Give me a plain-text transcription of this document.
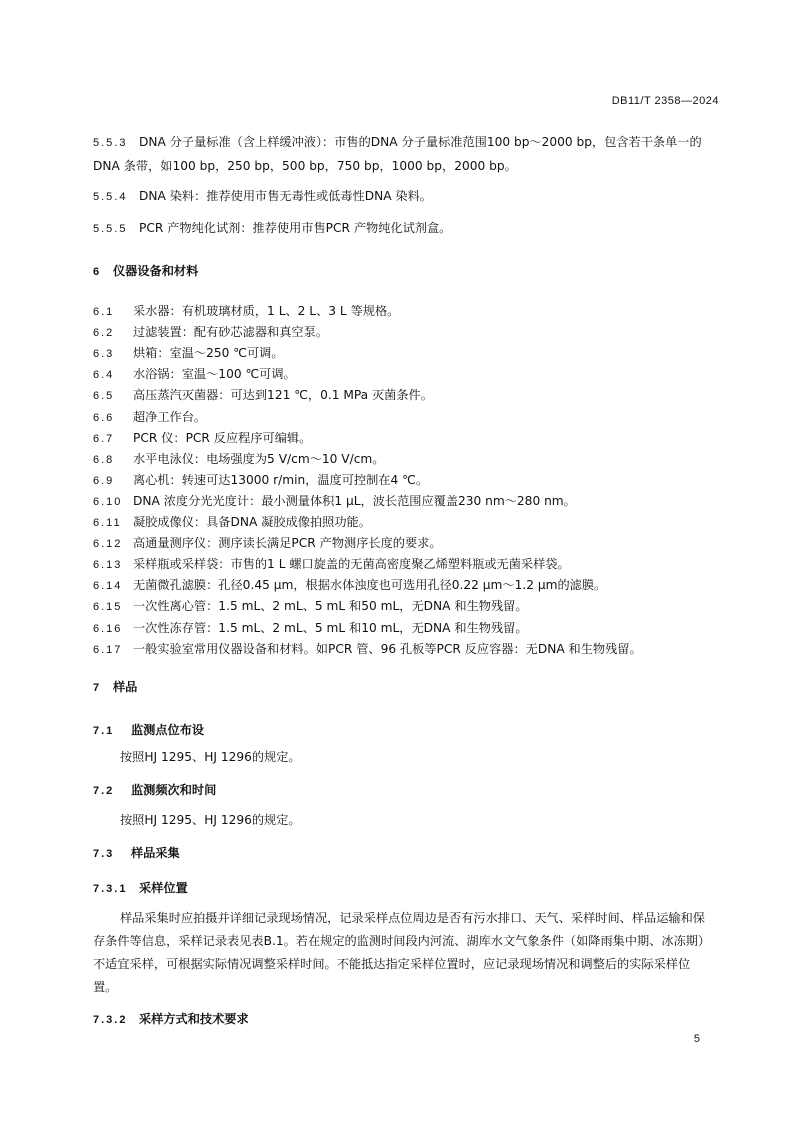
DB11/T 2358—2024
5.5.3 DNA 分子量标准（含上样缓冲液）：市售的DNA 分子量标准范围100 bp～2000 bp，包含若干条单一的DNA 条带，如100 bp，250 bp，500 bp，750 bp，1000 bp，2000 bp。
5.5.4 DNA 染料：推荐使用市售无毒性或低毒性DNA 染料。
5.5.5 PCR 产物纯化试剂：推荐使用市售PCR 产物纯化试剂盒。
6 仪器设备和材料
6.1 采水器：有机玻璃材质，1 L、2 L、3 L 等规格。
6.2 过滤装置：配有砂芯滤器和真空泵。
6.3 烘箱：室温～250 ℃可调。
6.4 水浴锅：室温～100 ℃可调。
6.5 高压蒸汽灭菌器：可达到121 ℃，0.1 MPa 灭菌条件。
6.6 超净工作台。
6.7 PCR 仪：PCR 反应程序可编辑。
6.8 水平电泳仪：电场强度为5 V/cm～10 V/cm。
6.9 离心机：转速可达13000 r/min，温度可控制在4 ℃。
6.10 DNA 浓度分光光度计：最小测量体积1 μL，波长范围应覆盖230 nm～280 nm。
6.11 凝胶成像仪：具备DNA 凝胶成像拍照功能。
6.12 高通量测序仪：测序读长满足PCR 产物测序长度的要求。
6.13 采样瓶或采样袋：市售的1 L 螺口旋盖的无菌高密度聚乙烯塑料瓶或无菌采样袋。
6.14 无菌微孔滤膜：孔径0.45 μm，根据水体浊度也可选用孔径0.22 μm～1.2 μm的滤膜。
6.15 一次性离心管：1.5 mL、2 mL、5 mL 和50 mL，无DNA 和生物残留。
6.16 一次性冻存管：1.5 mL、2 mL、5 mL 和10 mL，无DNA 和生物残留。
6.17 一般实验室常用仪器设备和材料。如PCR 管、96 孔板等PCR 反应容器：无DNA 和生物残留。
7 样品
7.1 监测点位布设
按照HJ 1295、HJ 1296的规定。
7.2 监测频次和时间
按照HJ 1295、HJ 1296的规定。
7.3 样品采集
7.3.1 采样位置
样品采集时应拍摄并详细记录现场情况，记录采样点位周边是否有污水排口、天气、采样时间、样品运输和保存条件等信息，采样记录表见表B.1。若在规定的监测时间段内河流、湖库水文气象条件（如降雨集中期、冰冻期）不适宜采样，可根据实际情况调整采样时间。不能抵达指定采样位置时，应记录现场情况和调整后的实际采样位置。
7.3.2 采样方式和技术要求
5
